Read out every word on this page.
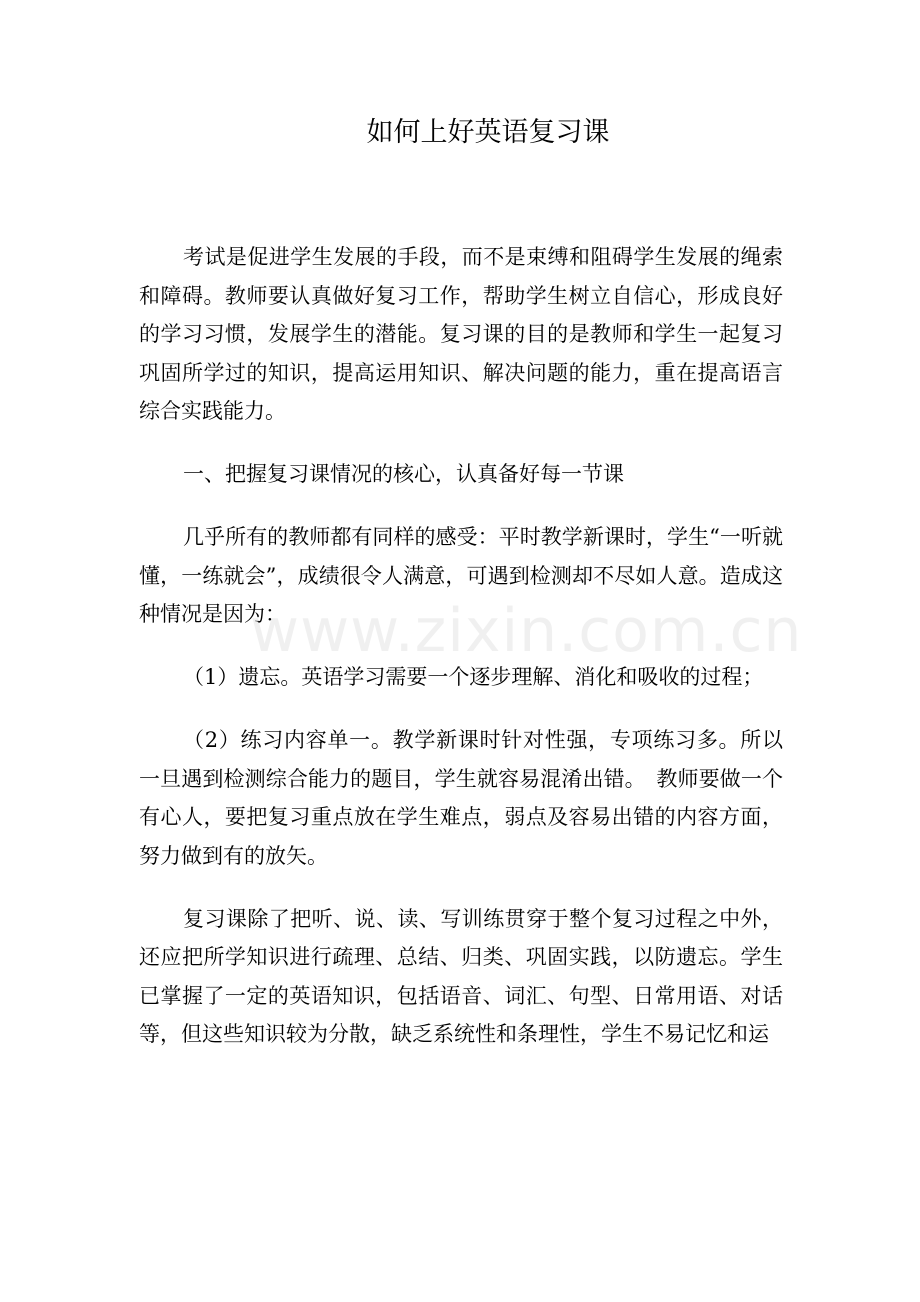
如何上好英语复习课

考试是促进学生发展的手段，而不是束缚和阻碍学生发展的绳索和障碍。教师要认真做好复习工作，帮助学生树立自信心，形成良好的学习习惯，发展学生的潜能。复习课的目的是教师和学生一起复习巩固所学过的知识，提高运用知识、解决问题的能力，重在提高语言综合实践能力。

一、把握复习课情况的核心，认真备好每一节课

几乎所有的教师都有同样的感受：平时教学新课时，学生“一听就懂，一练就会”，成绩很令人满意，可遇到检测却不尽如人意。造成这种情况是因为：

（1）遗忘。英语学习需要一个逐步理解、消化和吸收的过程；

（2）练习内容单一。教学新课时针对性强，专项练习多。所以一旦遇到检测综合能力的题目，学生就容易混淆出错。　教师要做一个有心人，要把复习重点放在学生难点，弱点及容易出错的内容方面，努力做到有的放矢。

复习课除了把听、说、读、写训练贯穿于整个复习过程之中外，还应把所学知识进行疏理、总结、归类、巩固实践，以防遗忘。学生已掌握了一定的英语知识，包括语音、词汇、句型、日常用语、对话等，但这些知识较为分散，缺乏系统性和条理性，学生不易记忆和运

www.zixin.com.cn
